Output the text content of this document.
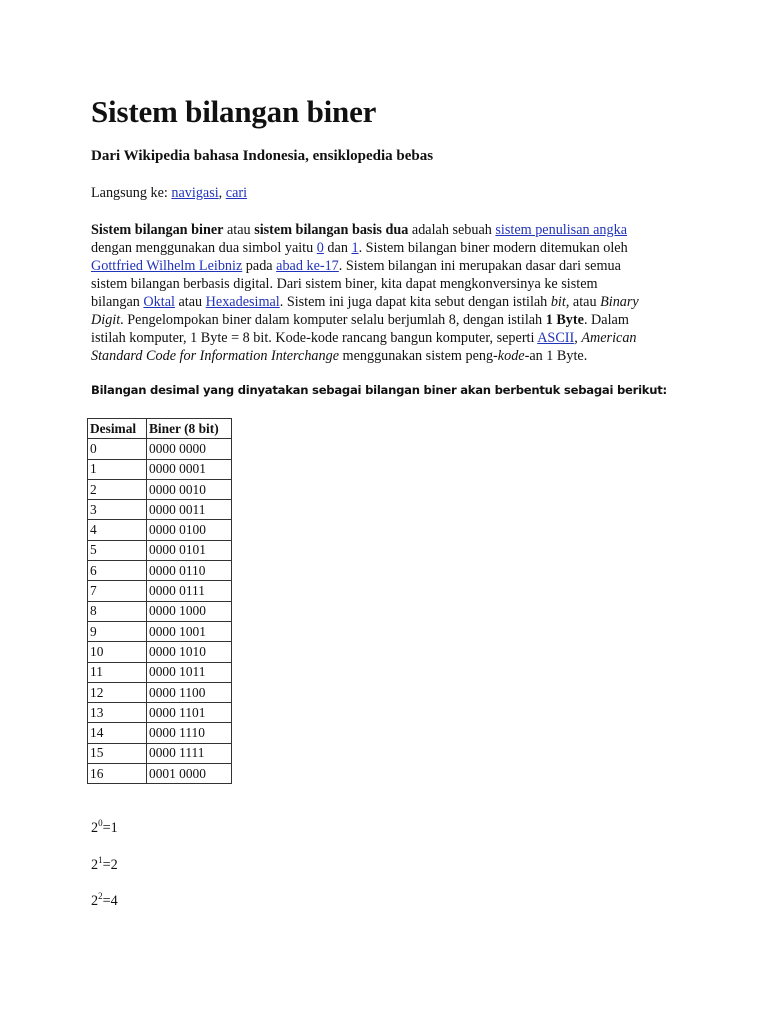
Sistem bilangan biner

Dari Wikipedia bahasa Indonesia, ensiklopedia bebas

Langsung ke: navigasi, cari

Sistem bilangan biner atau sistem bilangan basis dua adalah sebuah sistem penulisan angka
dengan menggunakan dua simbol yaitu 0 dan 1. Sistem bilangan biner modern ditemukan oleh
Gottfried Wilhelm Leibniz pada abad ke-17. Sistem bilangan ini merupakan dasar dari semua
sistem bilangan berbasis digital. Dari sistem biner, kita dapat mengkonversinya ke sistem
bilangan Oktal atau Hexadesimal. Sistem ini juga dapat kita sebut dengan istilah bit, atau Binary
Digit. Pengelompokan biner dalam komputer selalu berjumlah 8, dengan istilah 1 Byte. Dalam
istilah komputer, 1 Byte = 8 bit. Kode-kode rancang bangun komputer, seperti ASCII, American
Standard Code for Information Interchange menggunakan sistem peng-kode-an 1 Byte.

Bilangan desimal yang dinyatakan sebagai bilangan biner akan berbentuk sebagai berikut:

Desimal	Biner (8 bit)
0	0000 0000
1	0000 0001
2	0000 0010
3	0000 0011
4	0000 0100
5	0000 0101
6	0000 0110
7	0000 0111
8	0000 1000
9	0000 1001
10	0000 1010
11	0000 1011
12	0000 1100
13	0000 1101
14	0000 1110
15	0000 1111
16	0001 0000

$2^0=1$

$2^1=2$

$2^2=4$
